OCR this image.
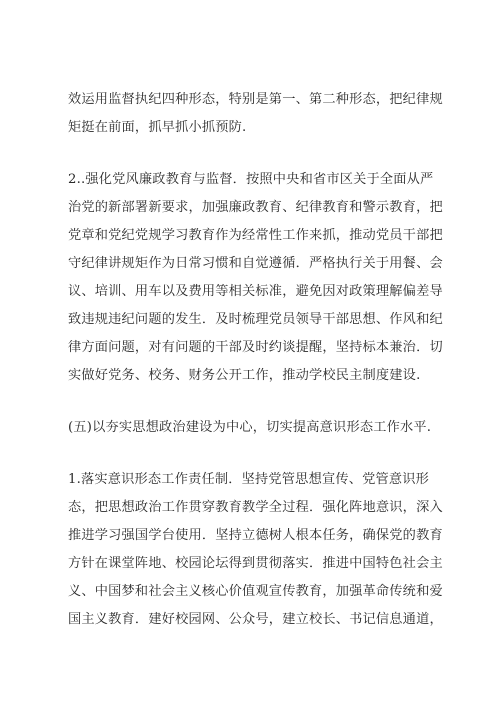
效运用监督执纪四种形态，特别是第一、第二种形态，把纪律规
矩挺在前面，抓早抓小抓预防.
2..强化党风廉政教育与监督．按照中央和省市区关于全面从严
治党的新部署新要求，加强廉政教育、纪律教育和警示教育，把
党章和党纪党规学习教育作为经常性工作来抓，推动党员干部把
守纪律讲规矩作为日常习惯和自觉遵循．严格执行关于用餐、会
议、培训、用车以及费用等相关标准，避免因对政策理解偏差导
致违规违纪问题的发生．及时梳理党员领导干部思想、作风和纪
律方面问题，对有问题的干部及时约谈提醒，坚持标本兼治．切
实做好党务、校务、财务公开工作，推动学校民主制度建设.
(五)以夯实思想政治建设为中心，切实提高意识形态工作水平.
1.落实意识形态工作责任制．坚持党管思想宣传、党管意识形
态，把思想政治工作贯穿教育教学全过程．强化阵地意识，深入
推进学习强国学台使用．坚持立德树人根本任务，确保党的教育
方针在课堂阵地、校园论坛得到贯彻落实．推进中国特色社会主
义、中国梦和社会主义核心价值观宣传教育，加强革命传统和爱
国主义教育．建好校园网、公众号，建立校长、书记信息通道，
